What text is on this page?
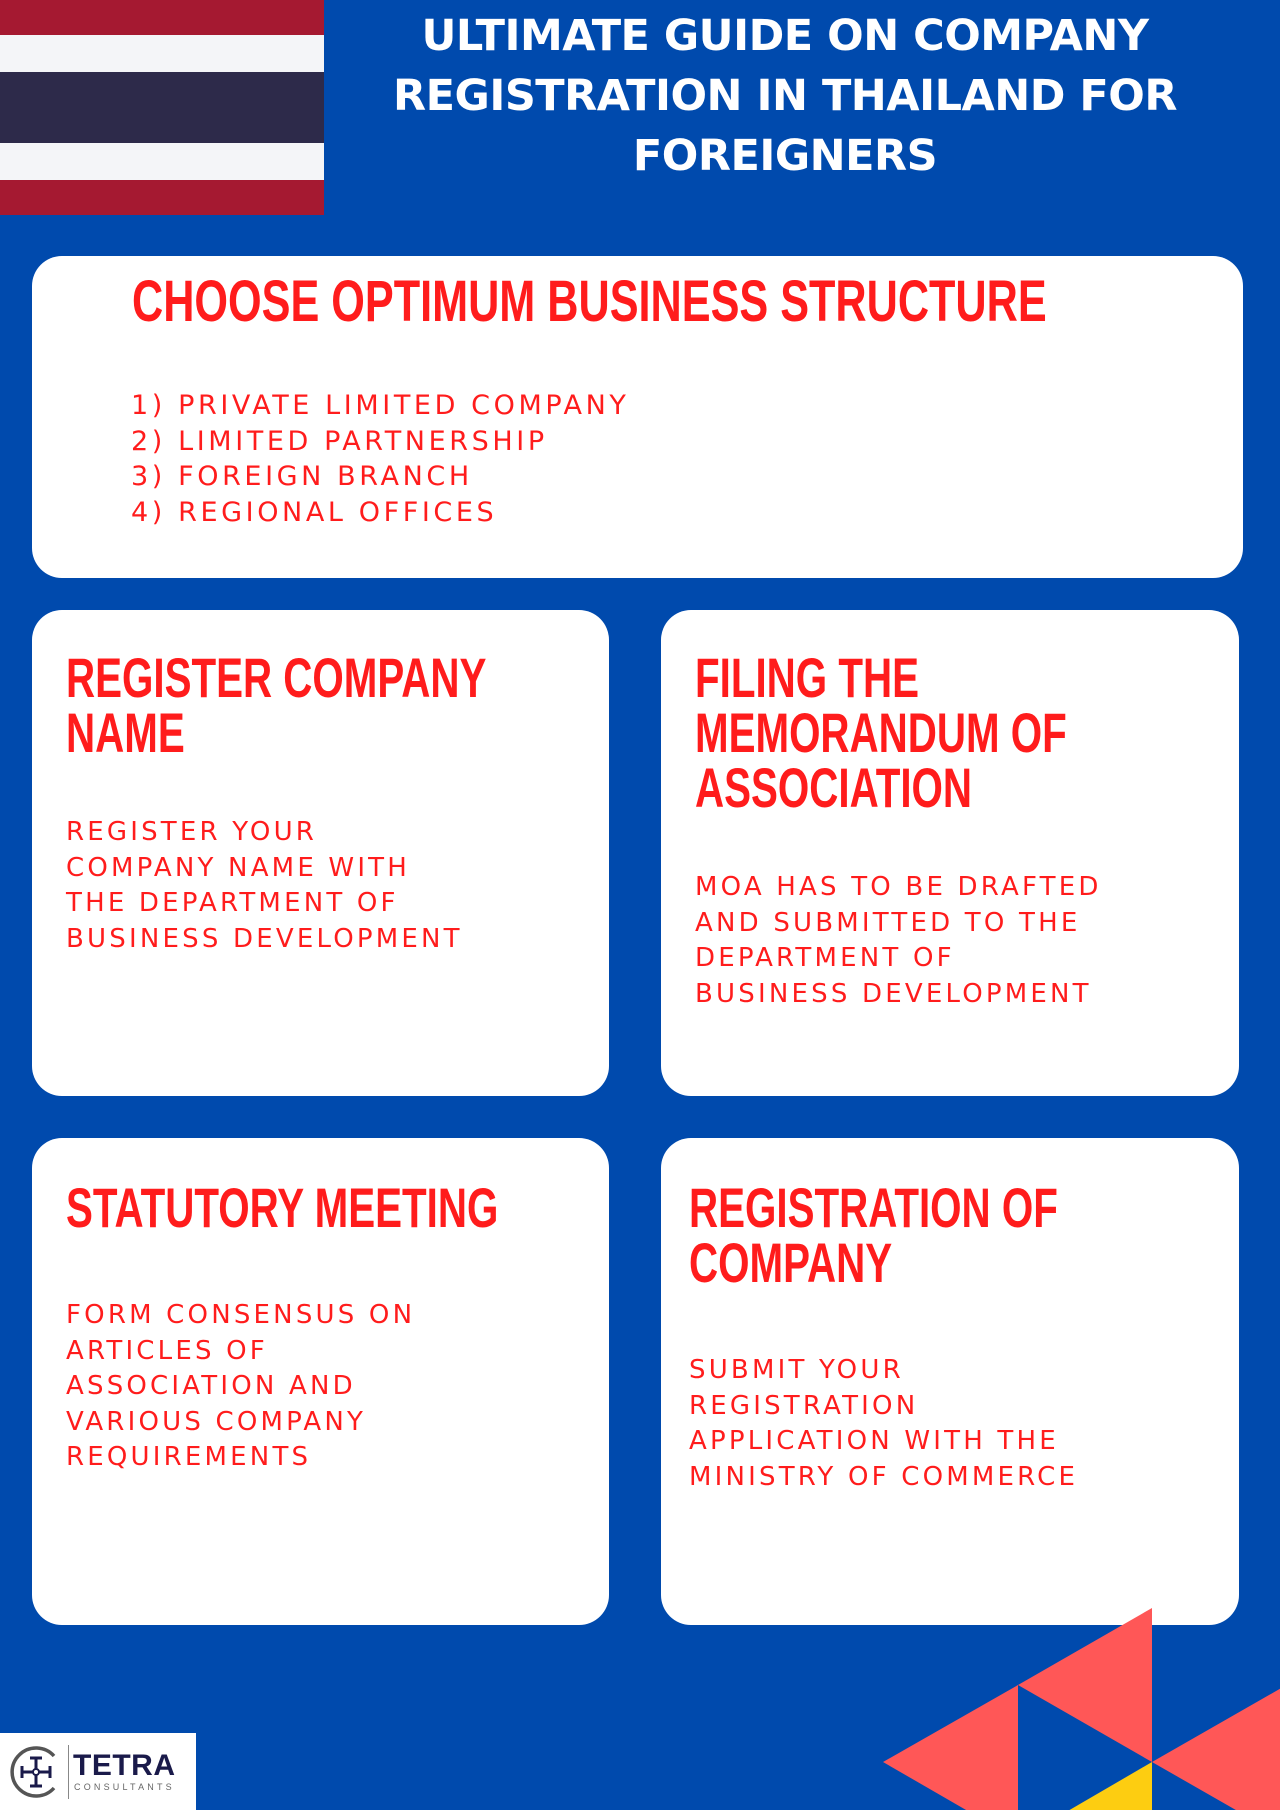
ULTIMATE GUIDE ON COMPANY
REGISTRATION IN THAILAND FOR
FOREIGNERS
CHOOSE OPTIMUM BUSINESS STRUCTURE
1) PRIVATE LIMITED COMPANY
2) LIMITED PARTNERSHIP
3) FOREIGN BRANCH
4) REGIONAL OFFICES
REGISTER COMPANY
NAME

REGISTER YOUR
COMPANY NAME WITH
THE DEPARTMENT OF
BUSINESS DEVELOPMENT

FILING THE
MEMORANDUM OF
ASSOCIATION

MOA HAS TO BE DRAFTED
AND SUBMITTED TO THE
DEPARTMENT OF
BUSINESS DEVELOPMENT

STATUTORY MEETING

FORM CONSENSUS ON
ARTICLES OF
ASSOCIATION AND
VARIOUS COMPANY
REQUIREMENTS

REGISTRATION OF
COMPANY

SUBMIT YOUR
REGISTRATION
APPLICATION WITH THE
MINISTRY OF COMMERCE

TETRA
CONSULTANTS
